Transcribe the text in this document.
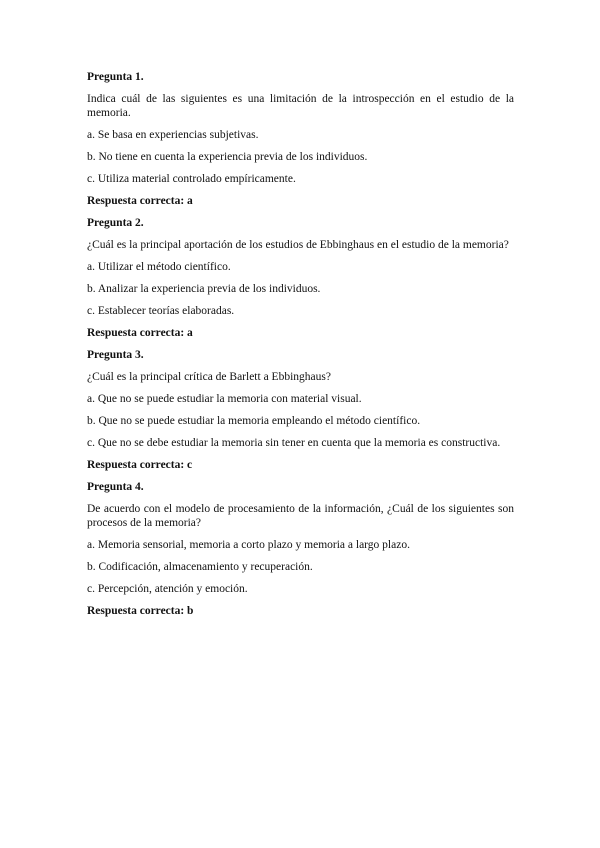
Pregunta 1.

Indica cuál de las siguientes es una limitación de la introspección en el estudio de la memoria.

a. Se basa en experiencias subjetivas.

b. No tiene en cuenta la experiencia previa de los individuos.

c. Utiliza material controlado empíricamente.

Respuesta correcta: a

Pregunta 2.

¿Cuál es la principal aportación de los estudios de Ebbinghaus en el estudio de la memoria?

a. Utilizar el método científico.

b. Analizar la experiencia previa de los individuos.

c. Establecer teorías elaboradas.

Respuesta correcta: a

Pregunta 3.

¿Cuál es la principal crítica de Barlett a Ebbinghaus?

a. Que no se puede estudiar la memoria con material visual.

b. Que no se puede estudiar la memoria empleando el método científico.

c. Que no se debe estudiar la memoria sin tener en cuenta que la memoria es constructiva.

Respuesta correcta: c

Pregunta 4.

De acuerdo con el modelo de procesamiento de la información, ¿Cuál de los siguientes son procesos de la memoria?

a. Memoria sensorial, memoria a corto plazo y memoria a largo plazo.

b. Codificación, almacenamiento y recuperación.

c. Percepción, atención y emoción.

Respuesta correcta: b
